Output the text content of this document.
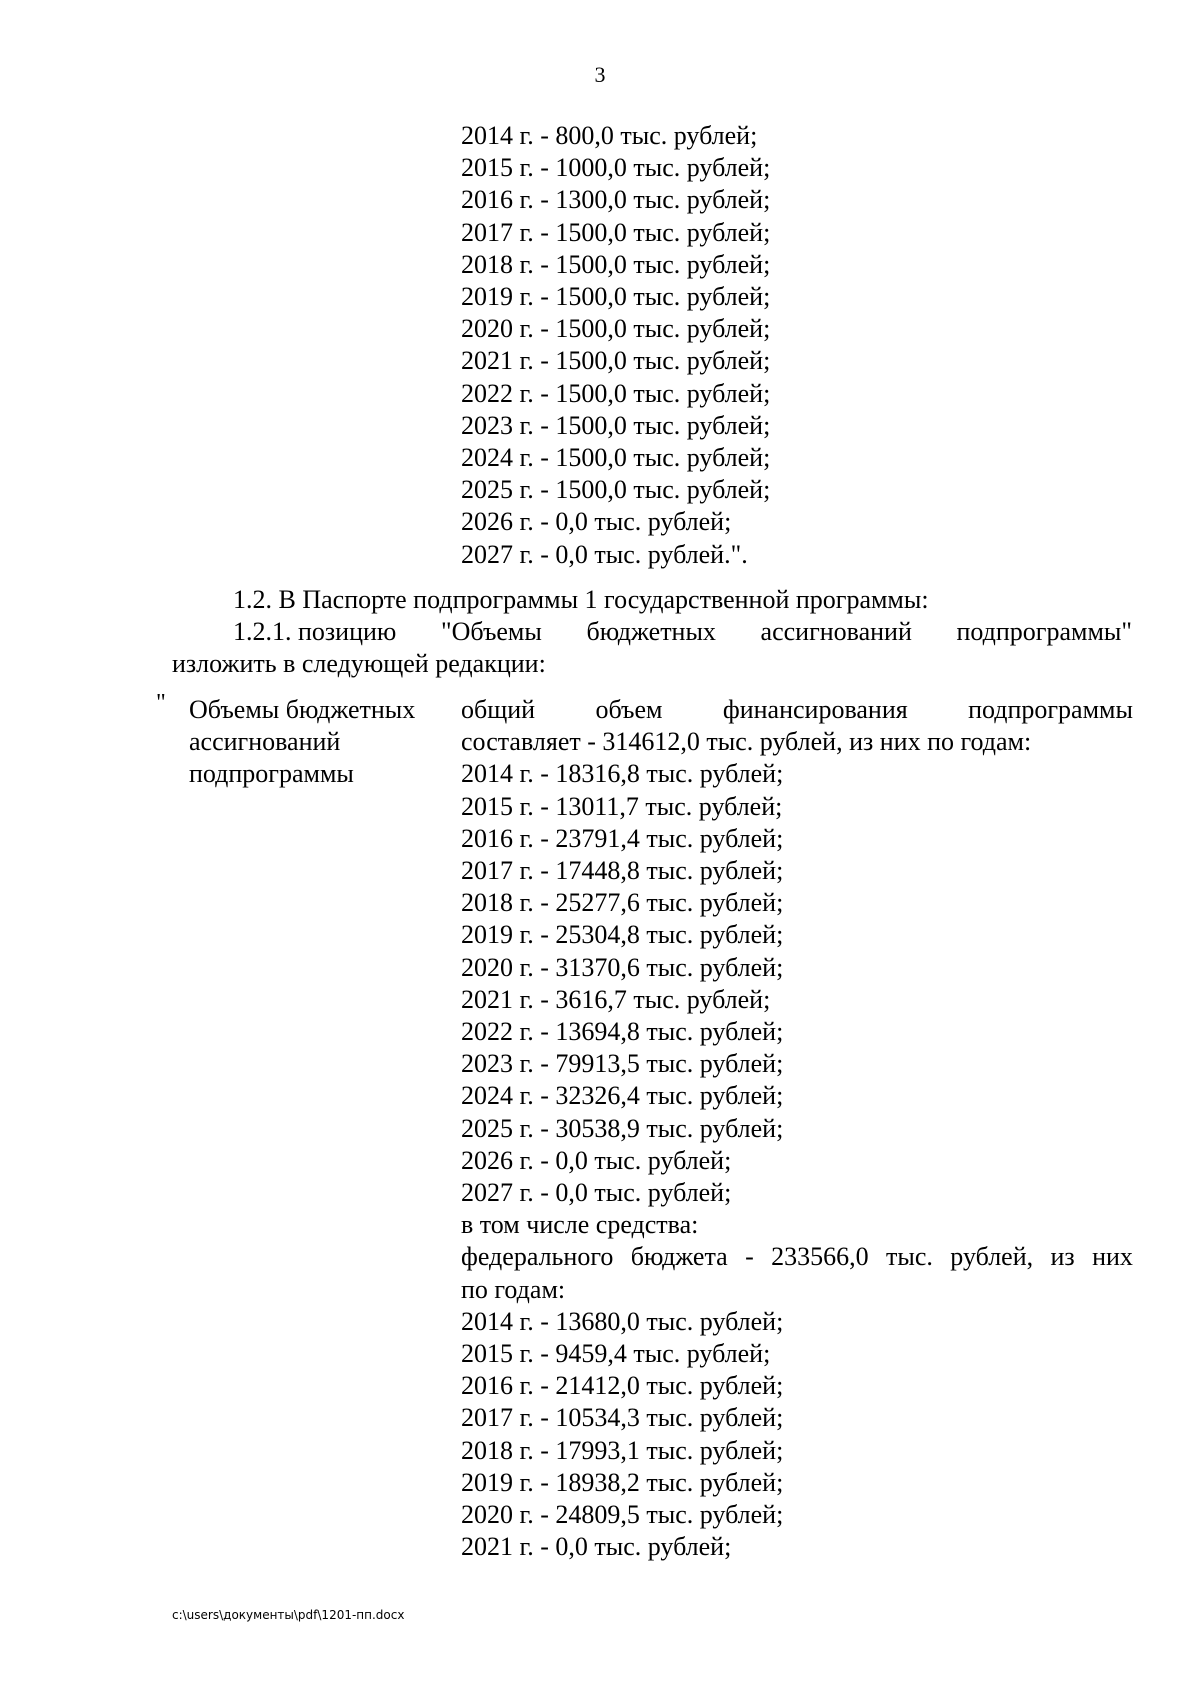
3
2014 г. - 800,0 тыс. рублей;
2015 г. - 1000,0 тыс. рублей;
2016 г. - 1300,0 тыс. рублей;
2017 г. - 1500,0 тыс. рублей;
2018 г. - 1500,0 тыс. рублей;
2019 г. - 1500,0 тыс. рублей;
2020 г. - 1500,0 тыс. рублей;
2021 г. - 1500,0 тыс. рублей;
2022 г. - 1500,0 тыс. рублей;
2023 г. - 1500,0 тыс. рублей;
2024 г. - 1500,0 тыс. рублей;
2025 г. - 1500,0 тыс. рублей;
2026 г. - 0,0 тыс. рублей;
2027 г. - 0,0 тыс. рублей.".
1.2. В Паспорте подпрограммы 1 государственной программы:
1.2.1. позицию "Объемы бюджетных ассигнований подпрограммы"
изложить в следующей редакции:
" Объемы бюджетных
ассигнований
подпрограммы
общий объем финансирования подпрограммы
составляет - 314612,0 тыс. рублей, из них по годам:
2014 г. - 18316,8 тыс. рублей;
2015 г. - 13011,7 тыс. рублей;
2016 г. - 23791,4 тыс. рублей;
2017 г. - 17448,8 тыс. рублей;
2018 г. - 25277,6 тыс. рублей;
2019 г. - 25304,8 тыс. рублей;
2020 г. - 31370,6 тыс. рублей;
2021 г. - 3616,7 тыс. рублей;
2022 г. - 13694,8 тыс. рублей;
2023 г. - 79913,5 тыс. рублей;
2024 г. - 32326,4 тыс. рублей;
2025 г. - 30538,9 тыс. рублей;
2026 г. - 0,0 тыс. рублей;
2027 г. - 0,0 тыс. рублей;
в том числе средства:
федерального бюджета - 233566,0 тыс. рублей, из них
по годам:
2014 г. - 13680,0 тыс. рублей;
2015 г. - 9459,4 тыс. рублей;
2016 г. - 21412,0 тыс. рублей;
2017 г. - 10534,3 тыс. рублей;
2018 г. - 17993,1 тыс. рублей;
2019 г. - 18938,2 тыс. рублей;
2020 г. - 24809,5 тыс. рублей;
2021 г. - 0,0 тыс. рублей;
c:\users\документы\pdf\1201-пп.docx
